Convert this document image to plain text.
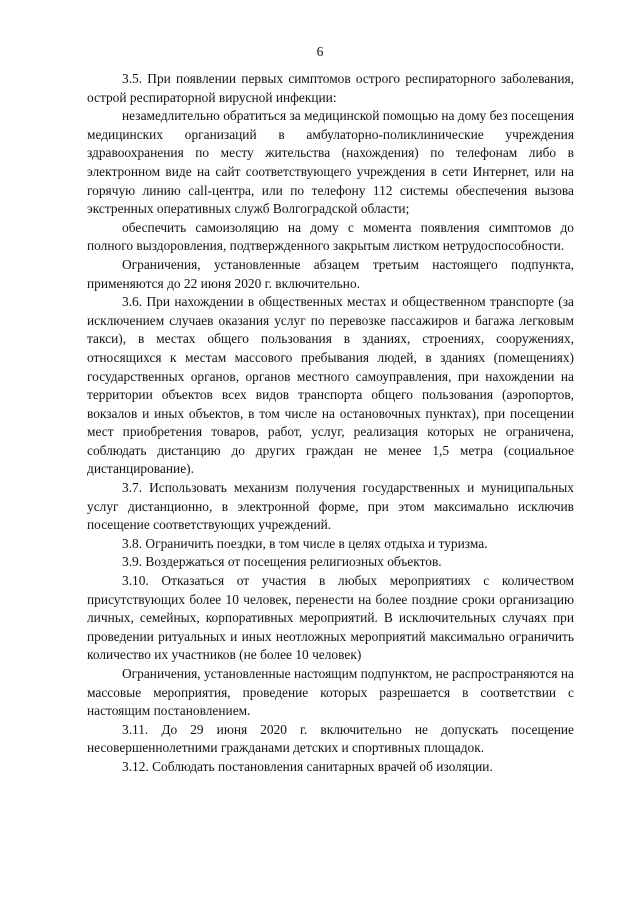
6

3.5. При появлении первых симптомов острого респираторного заболевания, острой респираторной вирусной инфекции:

незамедлительно обратиться за медицинской помощью на дому без посещения медицинских организаций в амбулаторно-поликлинические учреждения здравоохранения по месту жительства (нахождения) по телефонам либо в электронном виде на сайт соответствующего учреждения в сети Интернет, или на горячую линию call-центра, или по телефону 112 системы обеспечения вызова экстренных оперативных служб Волгоградской области;

обеспечить самоизоляцию на дому с момента появления симптомов до полного выздоровления, подтвержденного закрытым листком нетрудоспособности.

Ограничения, установленные абзацем третьим настоящего подпункта, применяются до 22 июня 2020 г. включительно.

3.6. При нахождении в общественных местах и общественном транспорте (за исключением случаев оказания услуг по перевозке пассажиров и багажа легковым такси), в местах общего пользования в зданиях, строениях, сооружениях, относящихся к местам массового пребывания людей, в зданиях (помещениях) государственных органов, органов местного самоуправления, при нахождении на территории объектов всех видов транспорта общего пользования (аэропортов, вокзалов и иных объектов, в том числе на остановочных пунктах), при посещении мест приобретения товаров, работ, услуг, реализация которых не ограничена, соблюдать дистанцию до других граждан не менее 1,5 метра (социальное дистанцирование).

3.7. Использовать механизм получения государственных и муниципальных услуг дистанционно, в электронной форме, при этом максимально исключив посещение соответствующих учреждений.

3.8. Ограничить поездки, в том числе в целях отдыха и туризма.

3.9. Воздержаться от посещения религиозных объектов.

3.10. Отказаться от участия в любых мероприятиях с количеством присутствующих более 10 человек, перенести на более поздние сроки организацию личных, семейных, корпоративных мероприятий. В исключительных случаях при проведении ритуальных и иных неотложных мероприятий максимально ограничить количество их участников (не более 10 человек)

Ограничения, установленные настоящим подпунктом, не распространяются на массовые мероприятия, проведение которых разрешается в соответствии с настоящим постановлением.

3.11. До 29 июня 2020 г. включительно не допускать посещение несовершеннолетними гражданами детских и спортивных площадок.

3.12. Соблюдать постановления санитарных врачей об изоляции.
